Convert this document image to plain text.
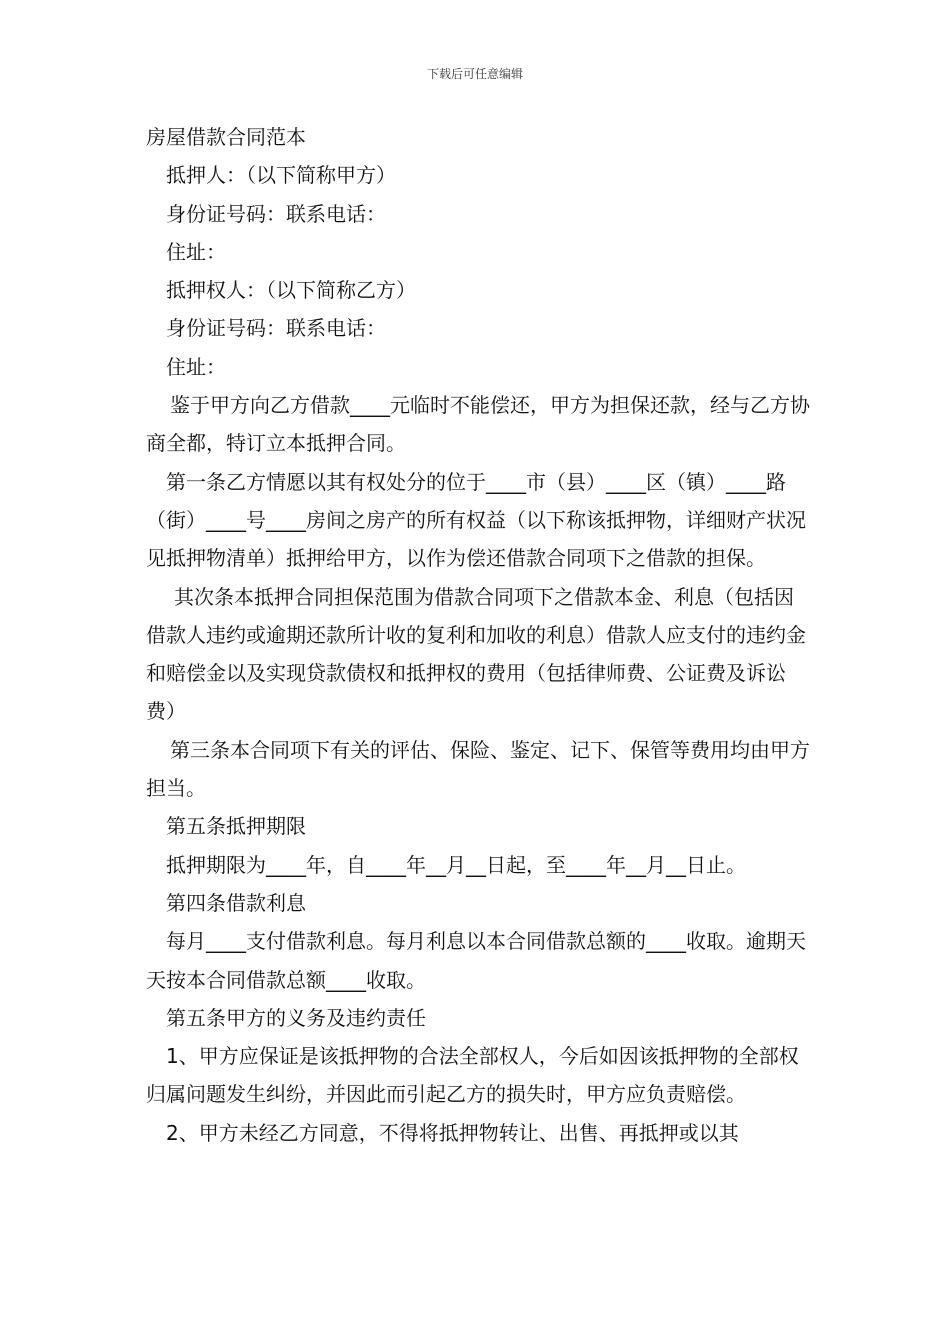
下载后可任意编辑

房屋借款合同范本

抵押人：（以下简称甲方）

身份证号码：联系电话：

住址：

抵押权人：（以下简称乙方）

身份证号码：联系电话：

住址：

鉴于甲方向乙方借款____元临时不能偿还，甲方为担保还款，经与乙方协商全都，特订立本抵押合同。

第一条乙方情愿以其有权处分的位于____市（县）____区（镇）____路（街）____号____房间之房产的所有权益（以下称该抵押物，详细财产状况见抵押物清单）抵押给甲方，以作为偿还借款合同项下之借款的担保。

其次条本抵押合同担保范围为借款合同项下之借款本金、利息（包括因借款人违约或逾期还款所计收的复利和加收的利息）借款人应支付的违约金和赔偿金以及实现贷款债权和抵押权的费用（包括律师费、公证费及诉讼费）

第三条本合同项下有关的评估、保险、鉴定、记下、保管等费用均由甲方担当。

第五条抵押期限

抵押期限为____年，自____年__月__日起，至____年__月__日止。

第四条借款利息

每月____支付借款利息。每月利息以本合同借款总额的____收取。逾期天天按本合同借款总额____收取。

第五条甲方的义务及违约责任

1、甲方应保证是该抵押物的合法全部权人，今后如因该抵押物的全部权归属问题发生纠纷，并因此而引起乙方的损失时，甲方应负责赔偿。

2、甲方未经乙方同意，不得将抵押物转让、出售、再抵押或以其
